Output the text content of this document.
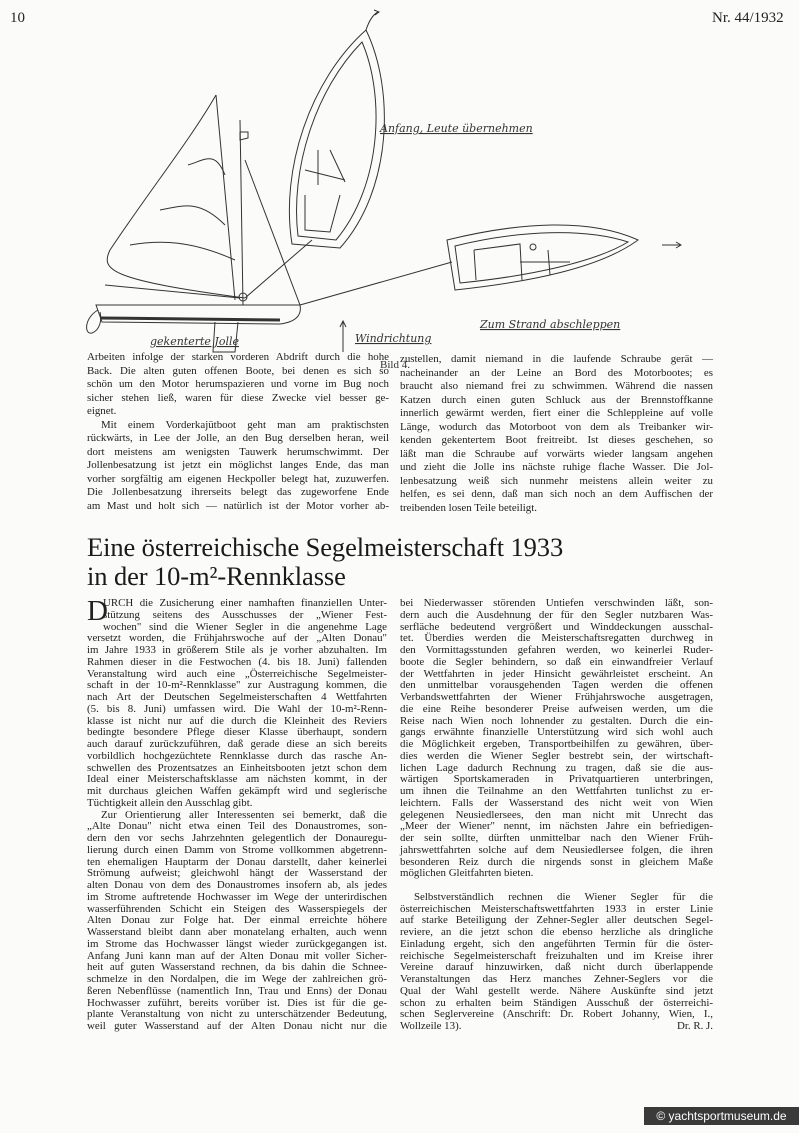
10	Nr. 44/1932
Anfang, Leute übernehmen
Windrichtung
Zum Strand abschleppen
gekenterte Jolle
Bild 4.
Arbeiten infolge der starken vorderen Abdrift durch die hohe
Back. Die alten guten offenen Boote, bei denen es sich so
schön um den Motor herumspazieren und vorne im Bug noch
sicher stehen ließ, waren für diese Zwecke viel besser ge-
eignet.
Mit einem Vorderkajütboot geht man am praktischsten
rückwärts, in Lee der Jolle, an den Bug derselben heran, weil
dort meistens am wenigsten Tauwerk herumschwimmt. Der
Jollenbesatzung ist jetzt ein möglichst langes Ende, das man
vorher sorgfältig am eigenen Heckpoller belegt hat, zuzuwerfen.
Die Jollenbesatzung ihrerseits belegt das zugeworfene Ende
am Mast und holt sich — natürlich ist der Motor vorher ab-
zustellen, damit niemand in die laufende Schraube gerät —
nacheinander an der Leine an Bord des Motorbootes; es
braucht also niemand frei zu schwimmen. Während die nassen
Katzen durch einen guten Schluck aus der Brennstoffkanne
innerlich gewärmt werden, fiert einer die Schleppleine auf volle
Länge, wodurch das Motorboot von dem als Treibanker wir-
kenden gekentertem Boot freitreibt. Ist dieses geschehen, so
läßt man die Schraube auf vorwärts wieder langsam angehen
und zieht die Jolle ins nächste ruhige flache Wasser. Die Jol-
lenbesatzung weiß sich nunmehr meistens allein weiter zu
helfen, es sei denn, daß man sich noch an dem Auffischen der
treibenden losen Teile beteiligt.
Eine österreichische Segelmeisterschaft 1933
in der 10-m²-Rennklasse
D
URCH die Zusicherung einer namhaften finanziellen Unter-
stützung seitens des Ausschusses der „Wiener Fest-
wochen" sind die Wiener Segler in die angenehme Lage
versetzt worden, die Frühjahrswoche auf der „Alten Donau"
im Jahre 1933 in größerem Stile als je vorher abzuhalten. Im
Rahmen dieser in die Festwochen (4. bis 18. Juni) fallenden
Veranstaltung wird auch eine „Österreichische Segelmeister-
schaft in der 10-m²-Rennklasse" zur Austragung kommen, die
nach Art der Deutschen Segelmeisterschaften 4 Wettfahrten
(5. bis 8. Juni) umfassen wird. Die Wahl der 10-m²-Renn-
klasse ist nicht nur auf die durch die Kleinheit des Reviers
bedingte besondere Pflege dieser Klasse überhaupt, sondern
auch darauf zurückzuführen, daß gerade diese an sich bereits
vorbildlich hochgezüchtete Rennklasse durch das rasche An-
schwellen des Prozentsatzes an Einheitsbooten jetzt schon dem
Ideal einer Meisterschaftsklasse am nächsten kommt, in der
mit durchaus gleichen Waffen gekämpft wird und seglerische
Tüchtigkeit allein den Ausschlag gibt.
Zur Orientierung aller Interessenten sei bemerkt, daß die
„Alte Donau" nicht etwa einen Teil des Donaustromes, son-
dern den vor sechs Jahrzehnten gelegentlich der Donauregu-
lierung durch einen Damm von Strome vollkommen abgetrenn-
ten ehemaligen Hauptarm der Donau darstellt, daher keinerlei
Strömung aufweist; gleichwohl hängt der Wasserstand der
alten Donau von dem des Donaustromes insofern ab, als jedes
im Strome auftretende Hochwasser im Wege der unterirdischen
wasserführenden Schicht ein Steigen des Wasserspiegels der
Alten Donau zur Folge hat. Der einmal erreichte höhere
Wasserstand bleibt dann aber monatelang erhalten, auch wenn
im Strome das Hochwasser längst wieder zurückgegangen ist.
Anfang Juni kann man auf der Alten Donau mit voller Sicher-
heit auf guten Wasserstand rechnen, da bis dahin die Schnee-
schmelze in den Nordalpen, die im Wege der zahlreichen grö-
ßeren Nebenflüsse (namentlich Inn, Trau und Enns) der Donau
Hochwasser zuführt, bereits vorüber ist. Dies ist für die ge-
plante Veranstaltung von nicht zu unterschätzender Bedeutung,
weil guter Wasserstand auf der Alten Donau nicht nur die
bei Niederwasser störenden Untiefen verschwinden läßt, son-
dern auch die Ausdehnung der für den Segler nutzbaren Was-
serfläche bedeutend vergrößert und Winddeckungen ausschal-
tet. Überdies werden die Meisterschaftsregatten durchweg in
den Vormittagsstunden gefahren werden, wo keinerlei Ruder-
boote die Segler behindern, so daß ein einwandfreier Verlauf
der Wettfahrten in jeder Hinsicht gewährleistet erscheint. An
den unmittelbar vorausgehenden Tagen werden die offenen
Verbandswettfahrten der Wiener Frühjahrswoche ausgetragen,
die eine Reihe besonderer Preise aufweisen werden, um die
Reise nach Wien noch lohnender zu gestalten. Durch die ein-
gangs erwähnte finanzielle Unterstützung wird sich wohl auch
die Möglichkeit ergeben, Transportbeihilfen zu gewähren, über-
dies werden die Wiener Segler bestrebt sein, der wirtschaft-
lichen Lage dadurch Rechnung zu tragen, daß sie die aus-
wärtigen Sportskameraden in Privatquartieren unterbringen,
um ihnen die Teilnahme an den Wettfahrten tunlichst zu er-
leichtern. Falls der Wasserstand des nicht weit von Wien
gelegenen Neusiedlersees, den man nicht mit Unrecht das
„Meer der Wiener" nennt, im nächsten Jahre ein befriedigen-
der sein sollte, dürften unmittelbar nach den Wiener Früh-
jahrswettfahrten solche auf dem Neusiedlersee folgen, die ihren
besonderen Reiz durch die nirgends sonst in gleichem Maße
möglichen Gleitfahrten bieten.
Selbstverständlich rechnen die Wiener Segler für die
österreichischen Meisterschaftswettfahrten 1933 in erster Linie
auf starke Beteiligung der Zehner-Segler aller deutschen Segel-
reviere, an die jetzt schon die ebenso herzliche als dringliche
Einladung ergeht, sich den angeführten Termin für die öster-
reichische Segelmeisterschaft freizuhalten und im Kreise ihrer
Vereine darauf hinzuwirken, daß nicht durch überlappende
Veranstaltungen das Herz manches Zehner-Seglers vor die
Qual der Wahl gestellt werde. Nähere Auskünfte sind jetzt
schon zu erhalten beim Ständigen Ausschuß der österreichi-
schen Seglervereine (Anschrift: Dr. Robert Johanny, Wien, I.,
Wollzeile 13).	Dr. R. J.
© yachtsportmuseum.de
